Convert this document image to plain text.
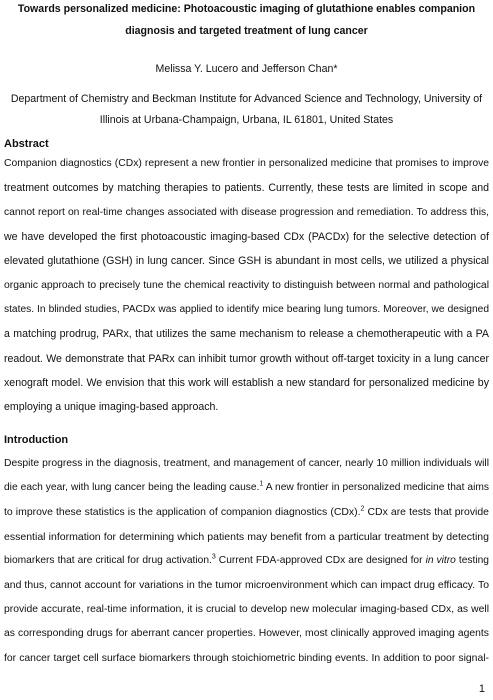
Towards personalized medicine: Photoacoustic imaging of glutathione enables companion
diagnosis and targeted treatment of lung cancer
Melissa Y. Lucero and Jefferson Chan*
Department of Chemistry and Beckman Institute for Advanced Science and Technology, University of
Illinois at Urbana-Champaign, Urbana, IL 61801, United States
Abstract
Companion diagnostics (CDx) represent a new frontier in personalized medicine that promises to improve
treatment outcomes by matching therapies to patients. Currently, these tests are limited in scope and
cannot report on real-time changes associated with disease progression and remediation. To address this,
we have developed the first photoacoustic imaging-based CDx (PACDx) for the selective detection of
elevated glutathione (GSH) in lung cancer. Since GSH is abundant in most cells, we utilized a physical
organic approach to precisely tune the chemical reactivity to distinguish between normal and pathological
states. In blinded studies, PACDx was applied to identify mice bearing lung tumors. Moreover, we designed
a matching prodrug, PARx, that utilizes the same mechanism to release a chemotherapeutic with a PA
readout. We demonstrate that PARx can inhibit tumor growth without off-target toxicity in a lung cancer
xenograft model. We envision that this work will establish a new standard for personalized medicine by
employing a unique imaging-based approach.
Introduction
Despite progress in the diagnosis, treatment, and management of cancer, nearly 10 million individuals will
die each year, with lung cancer being the leading cause.$^1$ A new frontier in personalized medicine that aims
to improve these statistics is the application of companion diagnostics (CDx).$^2$ CDx are tests that provide
essential information for determining which patients may benefit from a particular treatment by detecting
biomarkers that are critical for drug activation.$^3$ Current FDA-approved CDx are designed for in vitro testing
and thus, cannot account for variations in the tumor microenvironment which can impact drug efficacy. To
provide accurate, real-time information, it is crucial to develop new molecular imaging-based CDx, as well
as corresponding drugs for aberrant cancer properties. However, most clinically approved imaging agents
for cancer target cell surface biomarkers through stoichiometric binding events. In addition to poor signal-
1
